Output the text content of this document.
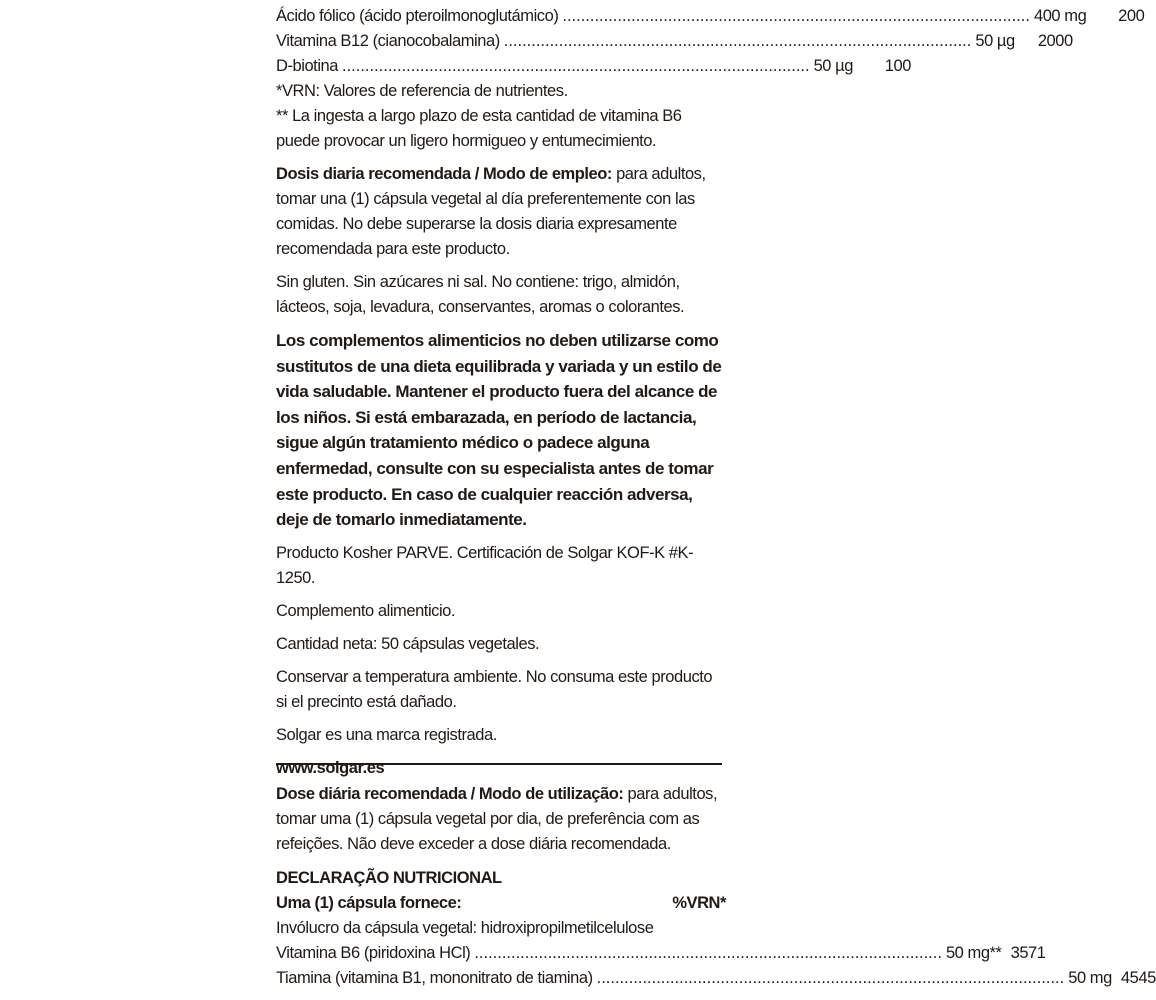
Ácido fólico (ácido pteroilmonoglutámico) ...................................................................................................... 400 mg	200
Vitamina B12 (cianocobalamina) ...................................................................................................... 50 µg	2000
D-biotina ...................................................................................................... 50 µg	100

*VRN: Valores de referencia de nutrientes.

** La ingesta a largo plazo de esta cantidad de vitamina B6 puede provocar un ligero hormigueo y entumecimiento.

Dosis diaria recomendada / Modo de empleo: para adultos, tomar una (1) cápsula vegetal al día preferentemente con las comidas. No debe superarse la dosis diaria expresamente recomendada para este producto.

Sin gluten. Sin azúcares ni sal. No contiene: trigo, almidón, lácteos, soja, levadura, conservantes, aromas o colorantes.

Los complementos alimenticios no deben utilizarse como sustitutos de una dieta equilibrada y variada y un estilo de vida saludable. Mantener el producto fuera del alcance de los niños. Si está embarazada, en período de lactancia, sigue algún tratamiento médico o padece alguna enfermedad, consulte con su especialista antes de tomar este producto. En caso de cualquier reacción adversa, deje de tomarlo inmediatamente.

Producto Kosher PARVE. Certificación de Solgar KOF-K #K-1250.

Complemento alimenticio.

Cantidad neta: 50 cápsulas vegetales.

Conservar a temperatura ambiente. No consuma este producto si el precinto está dañado.

Solgar es una marca registrada.

www.solgar.es

Dose diária recomendada / Modo de utilização: para adultos, tomar uma (1) cápsula vegetal por dia, de preferência com as refeições. Não deve exceder a dose diária recomendada.

DECLARAÇÃO NUTRICIONAL

Uma (1) cápsula fornece:	%VRN*

Invólucro da cápsula vegetal: hidroxipropilmetilcelulose

Vitamina B6 (piridoxina HCl) ...................................................................................................... 50 mg** 3571
Tiamina (vitamina B1, mononitrato de tiamina) ...................................................................................................... 50 mg 4545
